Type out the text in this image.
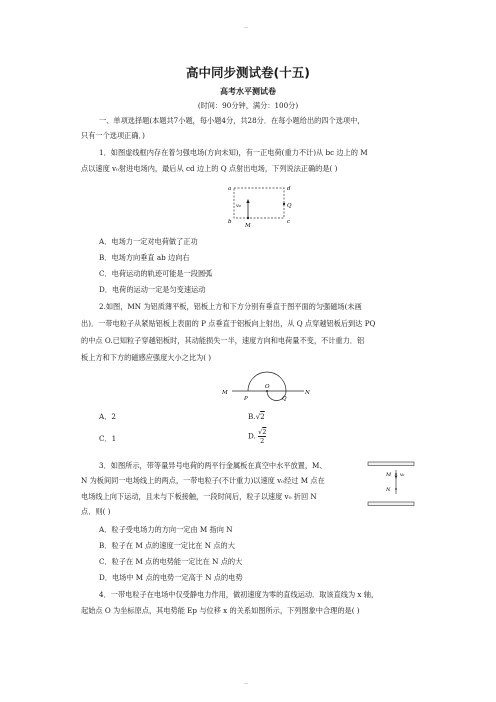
--
高中同步测试卷(十五)
高考水平测试卷
(时间：90分钟，满分：100分)
一、单项选择题(本题共7小题，每小题4分，共28分．在每小题给出的四个选项中，
只有一个选项正确．)
1．如图虚线框内存在着匀强电场(方向未知)，有一正电荷(重力不计)从 bc 边上的 M
点以速度 v₀射进电场内，最后从 cd 边上的 Q 点射出电场，下列说法正确的是( )
a	d
b	c
Q
M
v₀
A．电场力一定对电荷做了正功
B．电场方向垂直 ab 边向右
C．电荷运动的轨迹可能是一段圆弧
D．电荷的运动一定是匀变速运动
2.如图，MN 为铝质薄平板，铝板上方和下方分别有垂直于图平面的匀强磁场(未画
出)．一带电粒子从紧贴铝板上表面的 P 点垂直于铝板向上射出，从 Q 点穿越铝板后到达 PQ
的中点 O.已知粒子穿越铝板时，其动能损失一半，速度方向和电荷量不变，不计重力．铝
板上方和下方的磁感应强度大小之比为( )
M
P
O
Q
N
A．2	B.√2
C．1	D. $\frac{√2}{2}$
3．如图所示，带等量异号电荷的两平行金属板在真空中水平放置，M、
N 为板间同一电场线上的两点，一带电粒子(不计重力)以速度 v₀经过 M 点在
电场线上向下运动，且未与下板接触，一段时间后，粒子以速度 v₀ 折回 N
点．则( )
M
N
v₀
A．粒子受电场力的方向一定由 M 指向 N
B．粒子在 M 点的速度一定比在 N 点的大
C．粒子在 M 点的电势能一定比在 N 点的大
D．电场中 M 点的电势一定高于 N 点的电势
4．一带电粒子在电场中仅受静电力作用，做初速度为零的直线运动．取该直线为 x 轴，
起始点 O 为坐标原点，其电势能 Ep 与位移 x 的关系如图所示，下列图象中合理的是( )
--
